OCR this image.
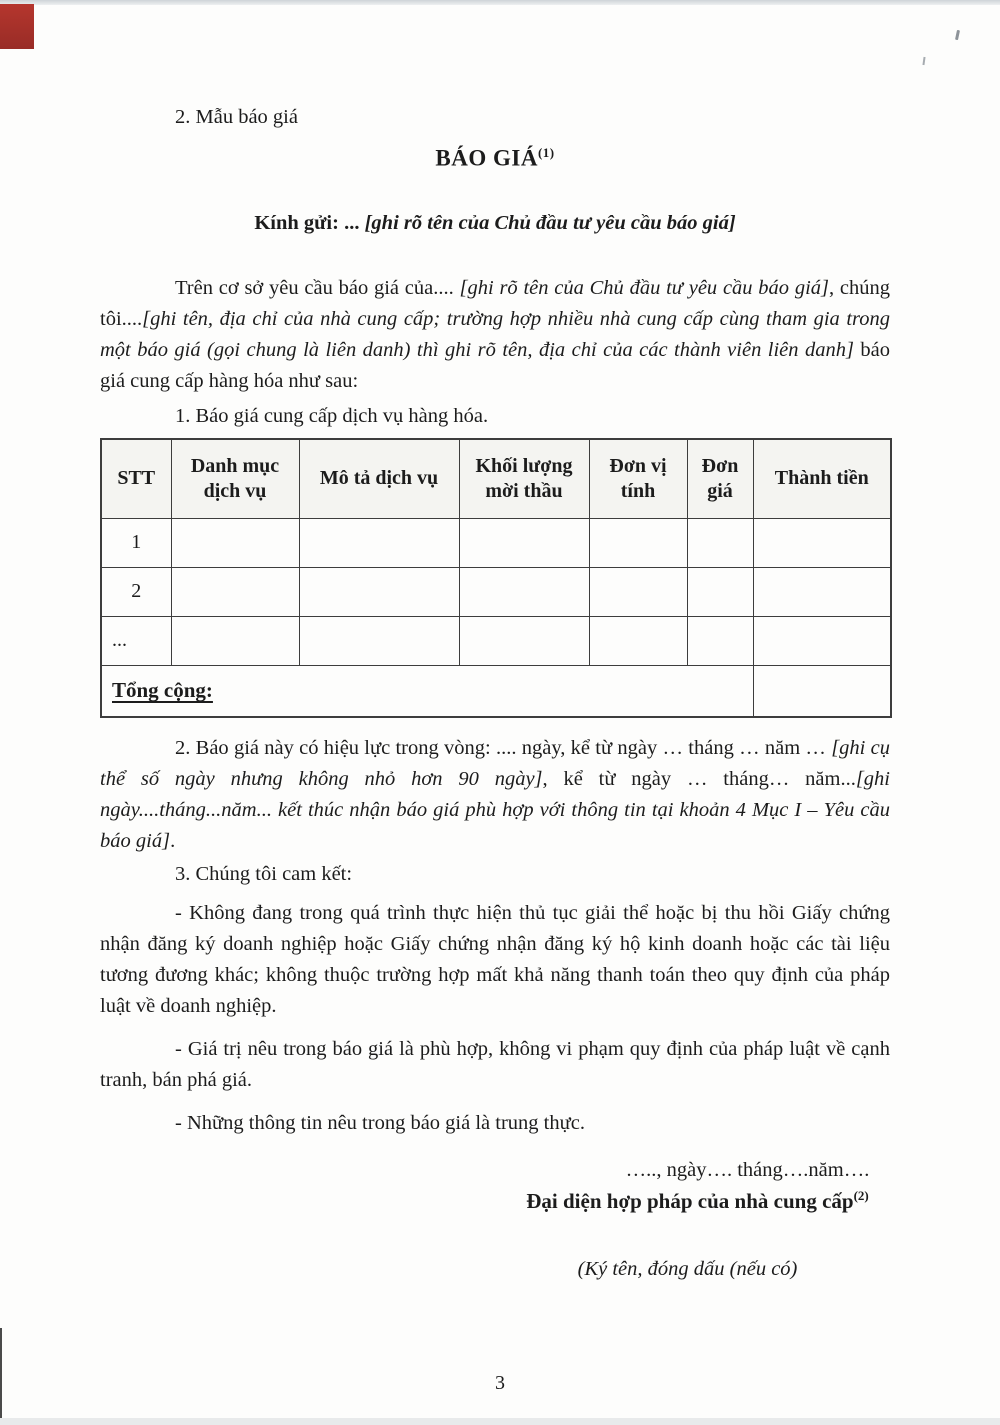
2. Mẫu báo giá

BÁO GIÁ$^{(1)}$

Kính gửi: ... [ghi rõ tên của Chủ đầu tư yêu cầu báo giá]

Trên cơ sở yêu cầu báo giá của.... [ghi rõ tên của Chủ đầu tư yêu cầu báo giá], chúng tôi....[ghi tên, địa chỉ của nhà cung cấp; trường hợp nhiều nhà cung cấp cùng tham gia trong một báo giá (gọi chung là liên danh) thì ghi rõ tên, địa chỉ của các thành viên liên danh] báo giá cung cấp hàng hóa như sau:

1. Báo giá cung cấp dịch vụ hàng hóa.

STT	Danh mục dịch vụ	Mô tả dịch vụ	Khối lượng mời thầu	Đơn vị tính	Đơn giá	Thành tiền
1						
2						
...						
Tổng cộng:						

2. Báo giá này có hiệu lực trong vòng: .... ngày, kể từ ngày … tháng … năm … [ghi cụ thể số ngày nhưng không nhỏ hơn 90 ngày], kể từ ngày … tháng… năm...[ghi ngày....tháng...năm... kết thúc nhận báo giá phù hợp với thông tin tại khoản 4 Mục I – Yêu cầu báo giá].

3. Chúng tôi cam kết:

- Không đang trong quá trình thực hiện thủ tục giải thể hoặc bị thu hồi Giấy chứng nhận đăng ký doanh nghiệp hoặc Giấy chứng nhận đăng ký hộ kinh doanh hoặc các tài liệu tương đương khác; không thuộc trường hợp mất khả năng thanh toán theo quy định của pháp luật về doanh nghiệp.

- Giá trị nêu trong báo giá là phù hợp, không vi phạm quy định của pháp luật về cạnh tranh, bán phá giá.

- Những thông tin nêu trong báo giá là trung thực.

….., ngày…. tháng….năm….

Đại diện hợp pháp của nhà cung cấp$^{(2)}$

(Ký tên, đóng dấu (nếu có)

3
